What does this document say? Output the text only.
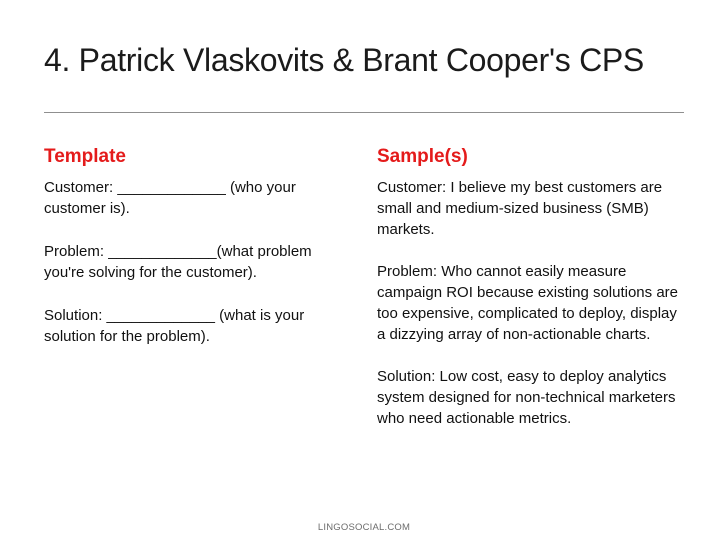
4. Patrick Vlaskovits & Brant Cooper's CPS
Template
Customer: _____________ (who your customer is).
Problem: _____________(what problem you're solving for the customer).
Solution: _____________ (what is your solution for the problem).
Sample(s)
Customer: I believe my best customers are small and medium-sized business (SMB) markets.
Problem: Who cannot easily measure campaign ROI because existing solutions are too expensive, complicated to deploy, display a dizzying array of non-actionable charts.
Solution: Low cost, easy to deploy analytics system designed for non-technical marketers who need actionable metrics.
LINGOSOCIAL.COM
